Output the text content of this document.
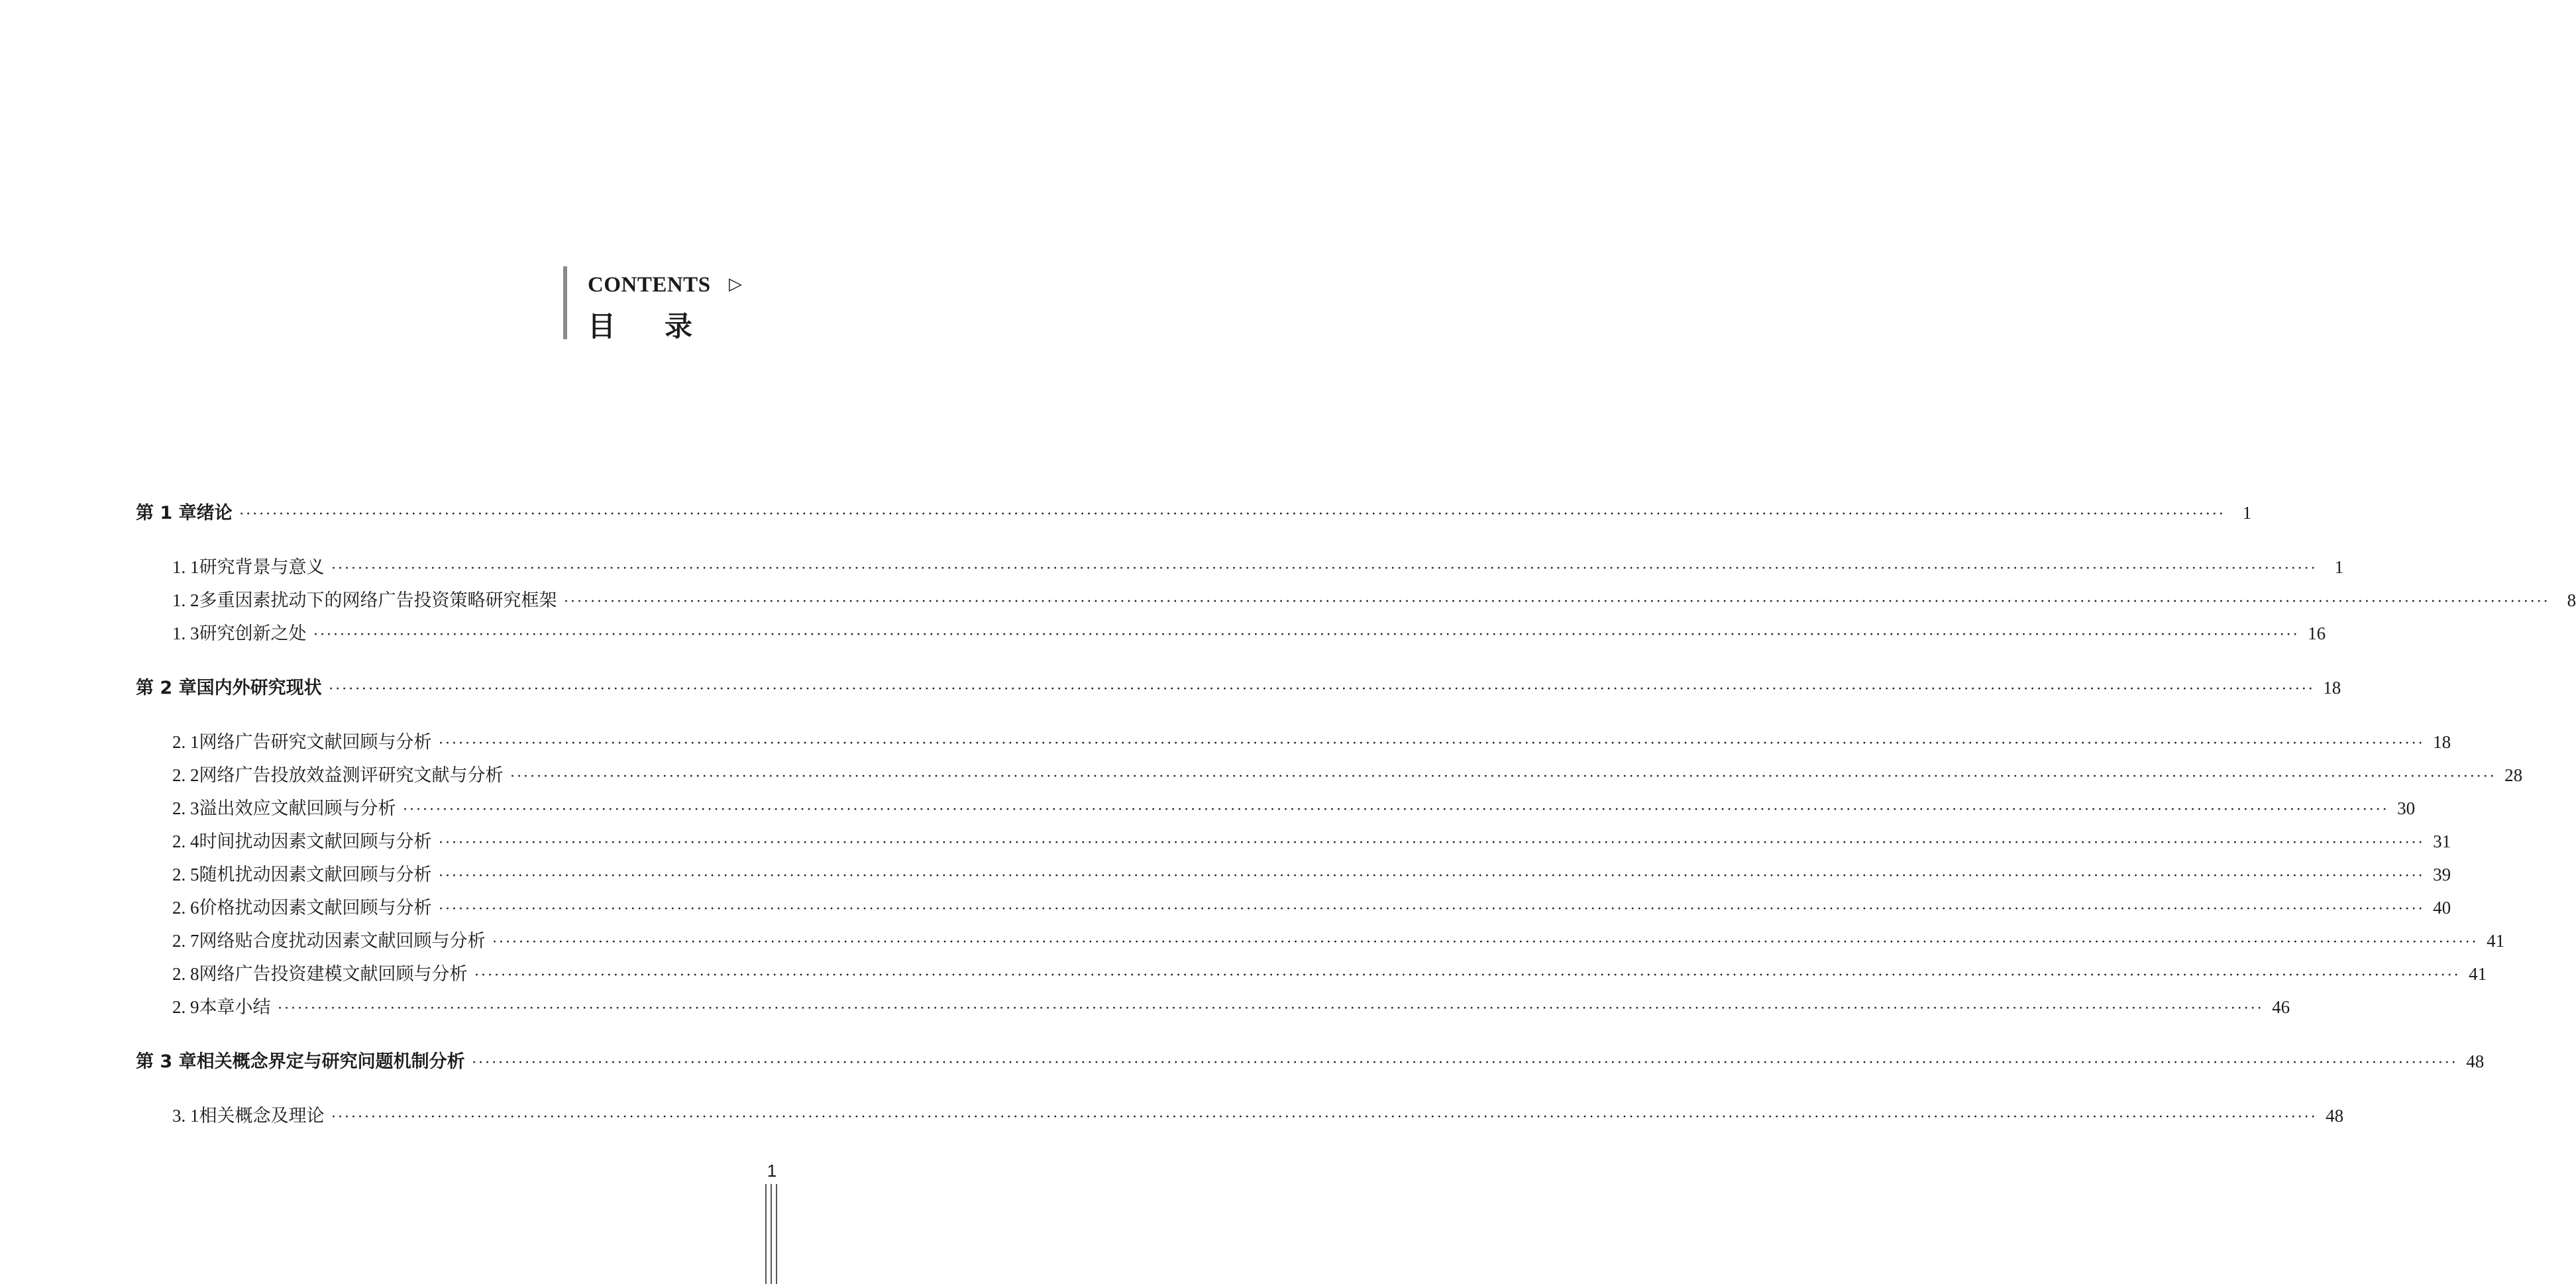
CONTENTS ▷
目录
第 1 章 绪论 ············································································································································································································································································································ 1
1. 1 研究背景与意义 ············································································································································································································································································································ 1
1. 2 多重因素扰动下的网络广告投资策略研究框架 ············································································································································································································································································································ 8
1. 3 研究创新之处 ············································································································································································································································································································ 16
第 2 章 国内外研究现状 ············································································································································································································································································································ 18
2. 1 网络广告研究文献回顾与分析 ············································································································································································································································································································ 18
2. 2 网络广告投放效益测评研究文献与分析 ············································································································································································································································································································ 28
2. 3 溢出效应文献回顾与分析 ············································································································································································································································································································ 30
2. 4 时间扰动因素文献回顾与分析 ············································································································································································································································································································ 31
2. 5 随机扰动因素文献回顾与分析 ············································································································································································································································································································ 39
2. 6 价格扰动因素文献回顾与分析 ············································································································································································································································································································ 40
2. 7 网络贴合度扰动因素文献回顾与分析 ············································································································································································································································································································ 41
2. 8 网络广告投资建模文献回顾与分析 ············································································································································································································································································································ 41
2. 9 本章小结 ············································································································································································································································································································ 46
第 3 章 相关概念界定与研究问题机制分析 ············································································································································································································································································································ 48
3. 1 相关概念及理论 ············································································································································································································································································································ 48
1
